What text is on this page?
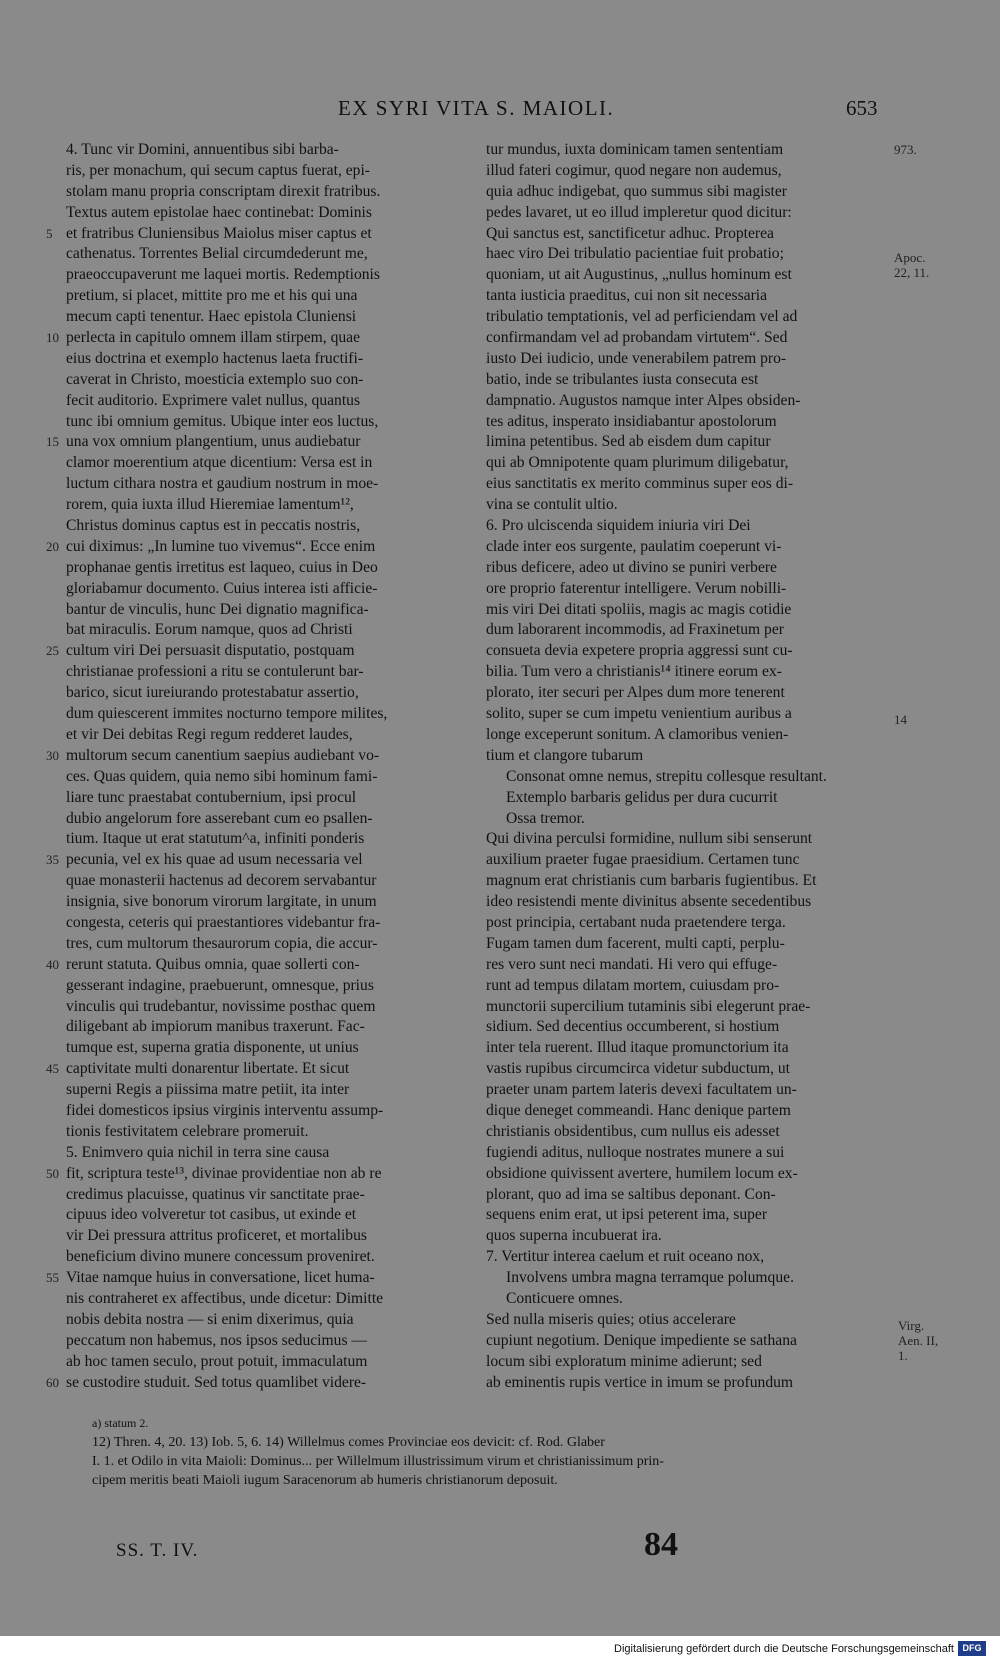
EX SYRI VITA S. MAIOLI.	653
4. Tunc vir Domini, annuentibus sibi barba-
ris, per monachum, qui secum captus fuerat, epi-
stolam manu propria conscriptam direxit fratribus.
Textus autem epistolae haec continebat: Dominis
5 et fratribus Cluniensibus Maiolus miser captus et
cathenatus. Torrentes Belial circumdederunt me,
praeoccupaverunt me laquei mortis. Redemptionis
pretium, si placet, mittite pro me et his qui una
mecum capti tenentur. Haec epistola Cluniensi
10 perlecta in capitulo omnem illam stirpem, quae
eius doctrina et exemplo hactenus laeta fructifi-
caverat in Christo, moesticia extemplo suo con-
fecit auditorio. Exprimere valet nullus, quantus
tunc ibi omnium gemitus. Ubique inter eos luctus,
15 una vox omnium plangentium, unus audiebatur
clamor moerentium atque dicentium: Versa est in
luctum cithara nostra et gaudium nostrum in moe-
rorem, quia iuxta illud Hieremiae lamentum¹²,
Christus dominus captus est in peccatis nostris,
20 cui diximus: „In lumine tuo vivemus“. Ecce enim
prophanae gentis irretitus est laqueo, cuius in Deo
gloriabamur documento. Cuius interea isti afficie-
bantur de vinculis, hunc Dei dignatio magnifica-
bat miraculis. Eorum namque, quos ad Christi
25 cultum viri Dei persuasit disputatio, postquam
christianae professioni a ritu se contulerunt bar-
barico, sicut iureiurando protestabatur assertio,
dum quiescerent immites nocturno tempore milites,
et vir Dei debitas Regi regum redderet laudes,
30 multorum secum canentium saepius audiebant vo-
ces. Quas quidem, quia nemo sibi hominum fami-
liare tunc praestabat contubernium, ipsi procul
dubio angelorum fore asserebant cum eo psallen-
tium. Itaque ut erat statutum^a, infiniti ponderis
35 pecunia, vel ex his quae ad usum necessaria vel
quae monasterii hactenus ad decorem servabantur
insignia, sive bonorum virorum largitate, in unum
congesta, ceteris qui praestantiores videbantur fra-
tres, cum multorum thesaurorum copia, die accur-
40 rerunt statuta. Quibus omnia, quae sollerti con-
gesserant indagine, praebuerunt, omnesque, prius
vinculis qui trudebantur, novissime posthac quem
diligebant ab impiorum manibus traxerunt. Fac-
tumque est, superna gratia disponente, ut unius
45 captivitate multi donarentur libertate. Et sicut
superni Regis a piissima matre petiit, ita inter
fidei domesticos ipsius virginis interventu assump-
tionis festivitatem celebrare promeruit.
5. Enimvero quia nichil in terra sine causa
50 fit, scriptura teste¹³, divinae providentiae non ab re
credimus placuisse, quatinus vir sanctitate prae-
cipuus ideo volveretur tot casibus, ut exinde et
vir Dei pressura attritus proficeret, et mortalibus
beneficium divino munere concessum proveniret.
55 Vitae namque huius in conversatione, licet huma-
nis contraheret ex affectibus, unde dicetur: Dimitte
nobis debita nostra — si enim dixerimus, quia
peccatum non habemus, nos ipsos seducimus —
ab hoc tamen seculo, prout potuit, immaculatum
60 se custodire studuit. Sed totus quamlibet videre-
tur mundus, iuxta dominicam tamen sententiam
illud fateri cogimur, quod negare non audemus,
quia adhuc indigebat, quo summus sibi magister
pedes lavaret, ut eo illud impleretur quod dicitur:
Qui sanctus est, sanctificetur adhuc. Propterea
haec viro Dei tribulatio pacientiae fuit probatio;
quoniam, ut ait Augustinus, „nullus hominum est
tanta iusticia praeditus, cui non sit necessaria
tribulatio temptationis, vel ad perficiendam vel ad
confirmandam vel ad probandam virtutem“. Sed
iusto Dei iudicio, unde venerabilem patrem pro-
batio, inde se tribulantes iusta consecuta est
dampnatio. Augustos namque inter Alpes obsiden-
tes aditus, insperato insidiabantur apostolorum
limina petentibus. Sed ab eisdem dum capitur
qui ab Omnipotente quam plurimum diligebatur,
eius sanctitatis ex merito comminus super eos di-
vina se contulit ultio.
6. Pro ulciscenda siquidem iniuria viri Dei
clade inter eos surgente, paulatim coeperunt vi-
ribus deficere, adeo ut divino se puniri verbere
ore proprio faterentur intelligere. Verum nobilli-
mis viri Dei ditati spoliis, magis ac magis cotidie
dum laborarent incommodis, ad Fraxinetum per
consueta devia expetere propria aggressi sunt cu-
bilia. Tum vero a christianis¹⁴ itinere eorum ex-
plorato, iter securi per Alpes dum more tenerent
solito, super se cum impetu venientium auribus a
longe exceperunt sonitum. A clamoribus venien-
tium et clangore tubarum
Consonat omne nemus, strepitu collesque resultant.
Extemplo barbaris gelidus per dura cucurrit
Ossa tremor.
Qui divina perculsi formidine, nullum sibi senserunt
auxilium praeter fugae praesidium. Certamen tunc
magnum erat christianis cum barbaris fugientibus. Et
ideo resistendi mente divinitus absente secedentibus
post principia, certabant nuda praetendere terga.
Fugam tamen dum facerent, multi capti, perplu-
res vero sunt neci mandati. Hi vero qui effuge-
runt ad tempus dilatam mortem, cuiusdam pro-
munctorii supercilium tutaminis sibi elegerunt prae-
sidium. Sed decentius occumberent, si hostium
inter tela ruerent. Illud itaque promunctorium ita
vastis rupibus circumcirca videtur subductum, ut
praeter unam partem lateris devexi facultatem un-
dique deneget commeandi. Hanc denique partem
christianis obsidentibus, cum nullus eis adesset
fugiendi aditus, nulloque nostrates munere a sui
obsidione quivissent avertere, humilem locum ex-
plorant, quo ad ima se saltibus deponant. Con-
sequens enim erat, ut ipsi peterent ima, super
quos superna incubuerat ira.
7. Vertitur interea caelum et ruit oceano nox,
Involvens umbra magna terramque polumque.
Conticuere omnes.
Sed nulla miseris quies; otius accelerare
cupiunt negotium. Denique impediente se sathana
locum sibi exploratum minime adierunt; sed
ab eminentis rupis vertice in imum se profundum
973.
Apoc. 22, 11.
14
Virg. Aen. II, 1.
a) statum 2.
12) Thren. 4, 20. 13) Iob. 5, 6. 14) Willelmus comes Provinciae eos devicit: cf. Rod. Glaber
I. 1. et Odilo in vita Maioli: Dominus... per Willelmum illustrissimum virum et christianissimum prin-
cipem meritis beati Maioli iugum Saracenorum ab humeris christianorum deposuit.
SS. T. IV.	84
Digitalisierung gefördert durch die Deutsche Forschungsgemeinschaft DFG
